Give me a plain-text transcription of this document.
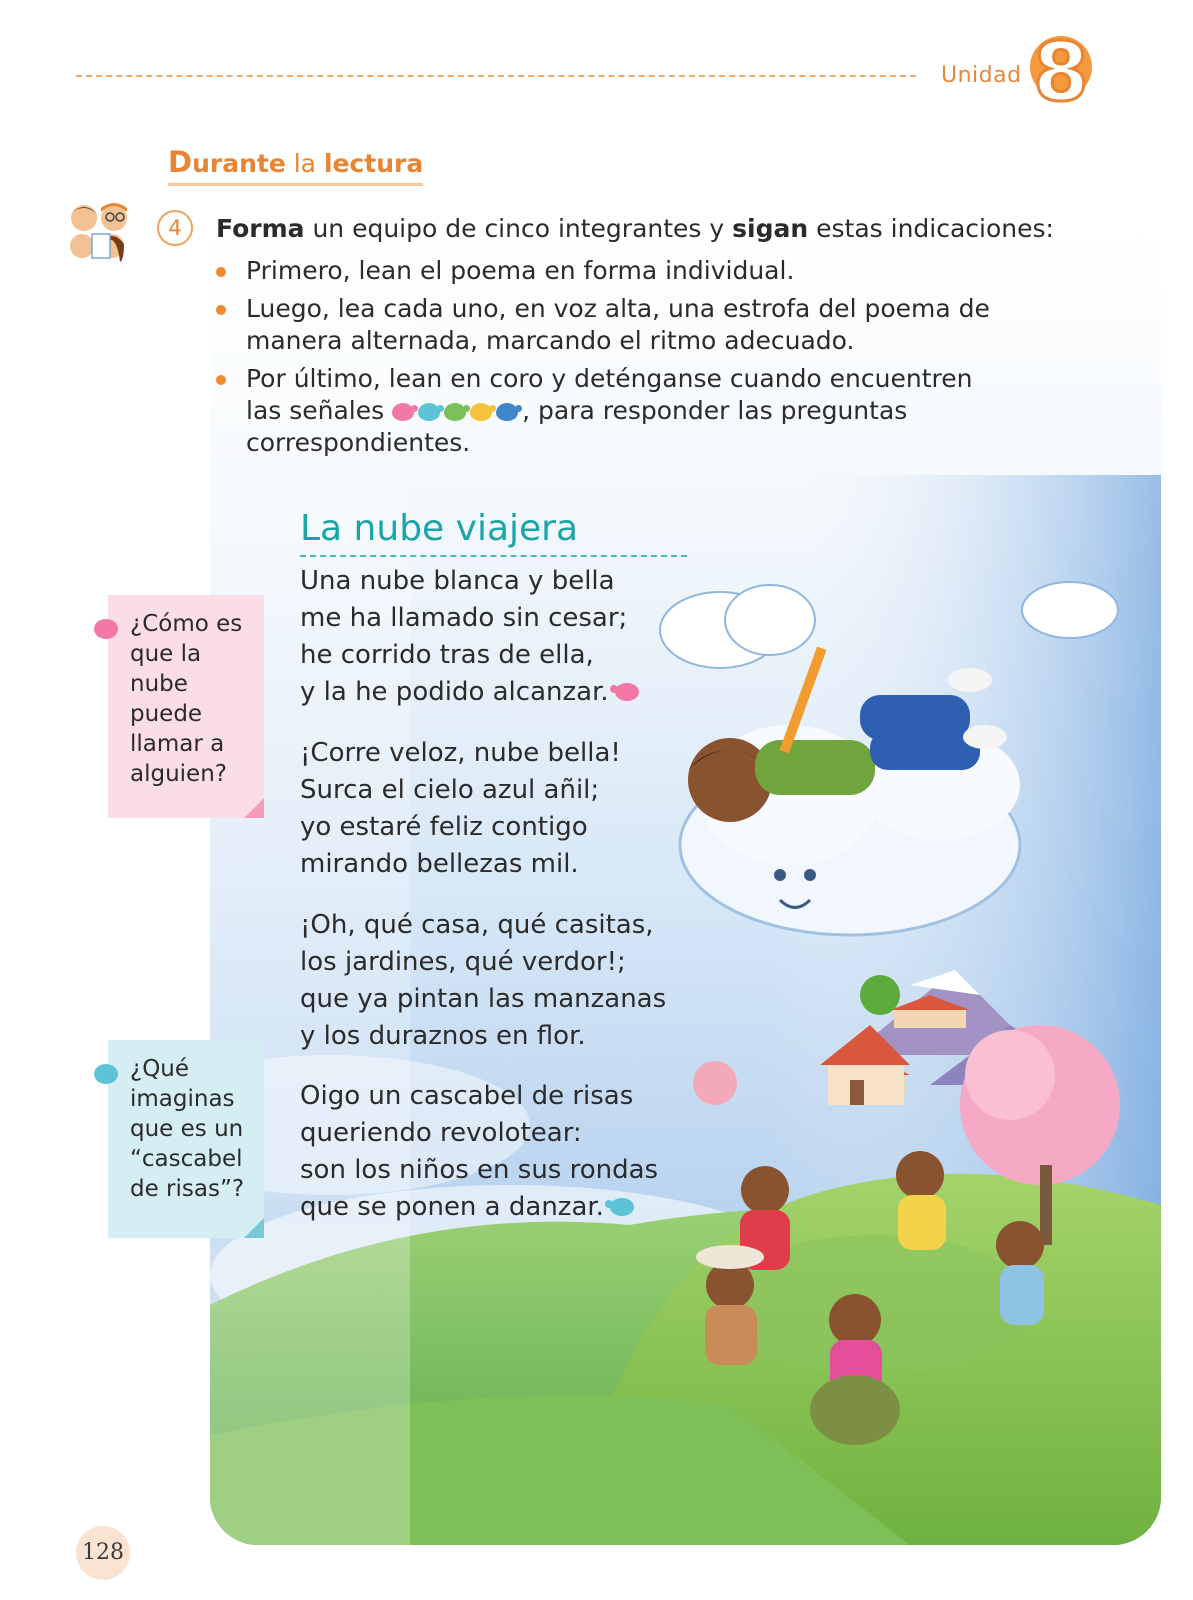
Unidad 8
Durante la lectura
4	Forma un equipo de cinco integrantes y sigan estas indicaciones:
Primero, lean el poema en forma individual.
Luego, lea cada uno, en voz alta, una estrofa del poema de manera alternada, marcando el ritmo adecuado.
Por último, lean en coro y deténganse cuando encuentren las señales	, para responder las preguntas correspondientes.
La nube viajera
Una nube blanca y bella
me ha llamado sin cesar;
he corrido tras de ella,
y la he podido alcanzar.
¡Corre veloz, nube bella!
Surca el cielo azul añil;
yo estaré feliz contigo
mirando bellezas mil.
¡Oh, qué casa, qué casitas,
los jardines, qué verdor!;
que ya pintan las manzanas
y los duraznos en flor.
Oigo un cascabel de risas
queriendo revolotear:
son los niños en sus rondas
que se ponen a danzar.
¿Cómo es que la nube puede llamar a alguien?
¿Qué imaginas que es un “cascabel de risas”?
128
